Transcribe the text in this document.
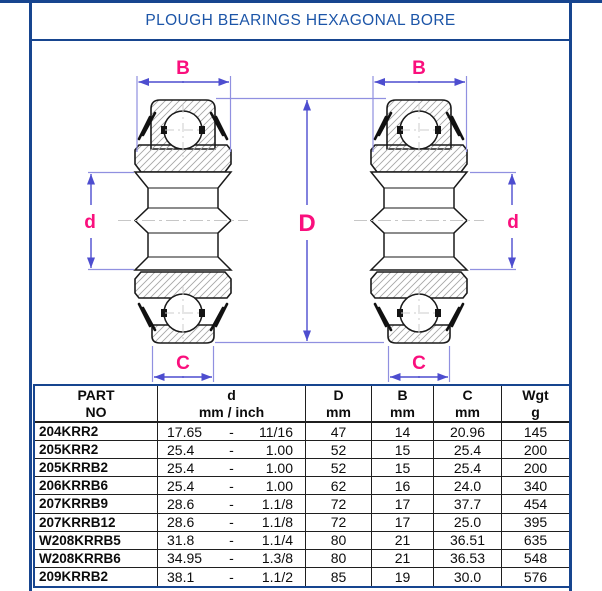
PLOUGH BEARINGS HEXAGONAL BORE
B
d
C
D
B
d
C
PART
NO
d
mm / inch
D
mm
B
mm
C
mm
Wgt
g
204KRR2	17.65	-	11/16	47	14	20.96	145
205KRR2	25.4	-	1.00	52	15	25.4	200
205KRRB2	25.4	-	1.00	52	15	25.4	200
206KRRB6	25.4	-	1.00	62	16	24.0	340
207KRRB9	28.6	-	1.1/8	72	17	37.7	454
207KRRB12	28.6	-	1.1/8	72	17	25.0	395
W208KRRB5	31.8	-	1.1/4	80	21	36.51	635
W208KRRB6	34.95	-	1.3/8	80	21	36.53	548
209KRRB2	38.1	-	1.1/2	85	19	30.0	576
